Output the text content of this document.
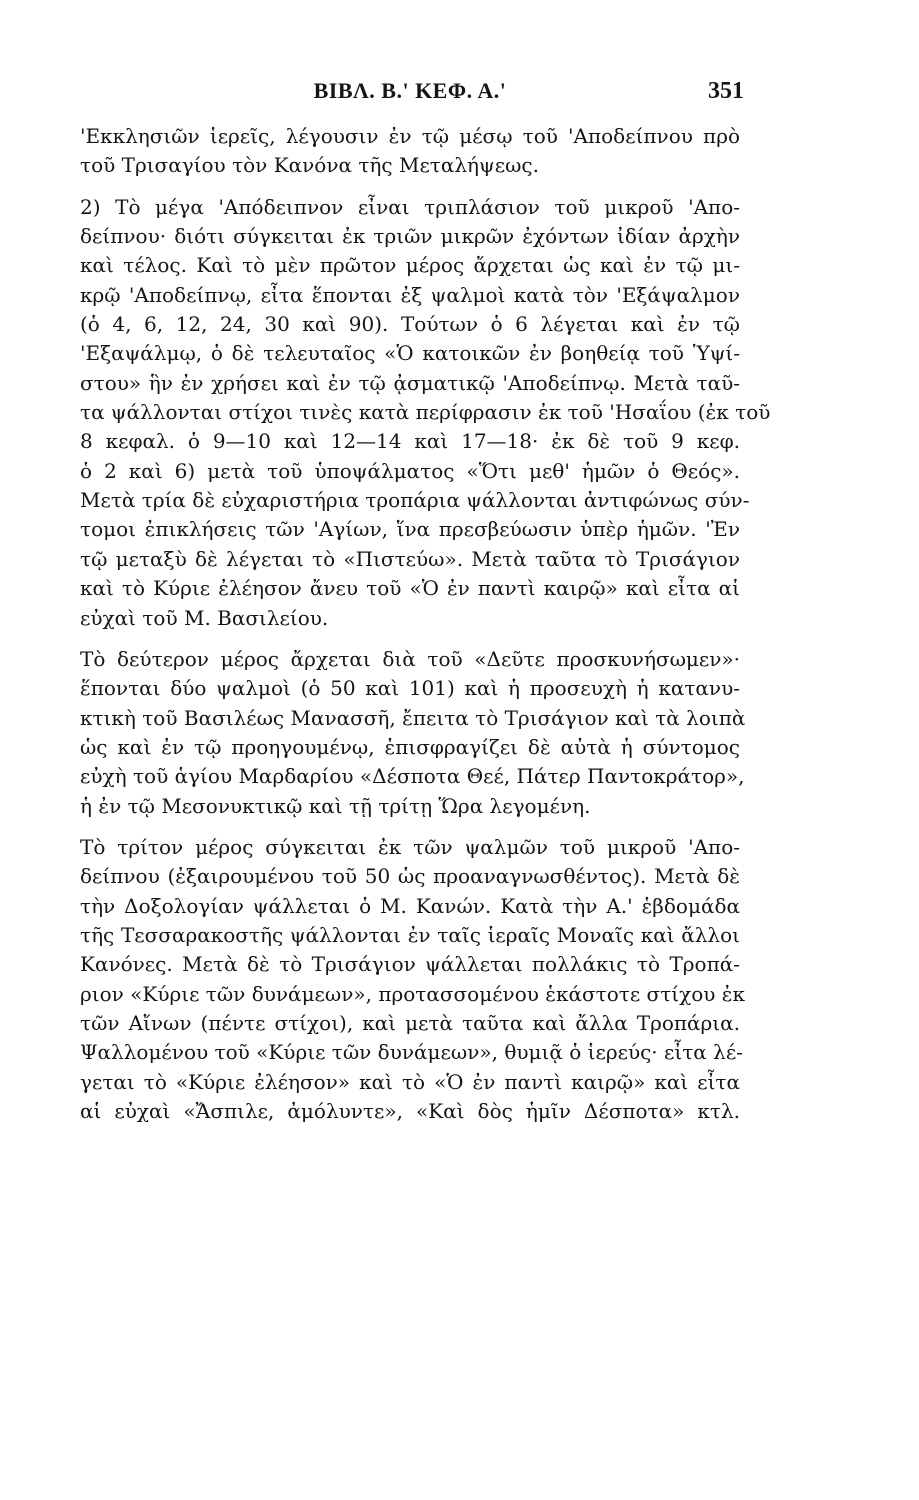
ΒΙΒΛ. Β.' ΚΕΦ. Α.'	351
'Εκκλησιῶν ἱερεῖς, λέγουσιν ἐν τῷ μέσῳ τοῦ 'Αποδείπνου πρὸ
τοῦ Τρισαγίου τὸν Κανόνα τῆς Μεταλήψεως.
2) Τὸ μέγα 'Απόδειπνον εἶναι τριπλάσιον τοῦ μικροῦ 'Απο-
δείπνου· διότι σύγκειται ἐκ τριῶν μικρῶν ἐχόντων ἰδίαν ἀρχὴν
καὶ τέλος. Καὶ τὸ μὲν πρῶτον μέρος ἄρχεται ὡς καὶ ἐν τῷ μι-
κρῷ 'Αποδείπνῳ, εἶτα ἕπονται ἐξ ψαλμοὶ κατὰ τὸν 'Εξάψαλμον
(ὁ 4, 6, 12, 24, 30 καὶ 90). Τούτων ὁ 6 λέγεται καὶ ἐν τῷ
'Εξαψάλμῳ, ὁ δὲ τελευταῖος «Ὁ κατοικῶν ἐν βοηθείᾳ τοῦ Ὑψί-
στου» ἣν ἐν χρήσει καὶ ἐν τῷ ᾀσματικῷ 'Αποδείπνῳ. Μετὰ ταῦ-
τα ψάλλονται στίχοι τινὲς κατὰ περίφρασιν ἐκ τοῦ 'Ησαΐου (ἐκ τοῦ
8 κεφαλ. ὁ 9—10 καὶ 12—14 καὶ 17—18· ἐκ δὲ τοῦ 9 κεφ.
ὁ 2 καὶ 6) μετὰ τοῦ ὑποψάλματος «Ὅτι μεθ' ἡμῶν ὁ Θεός».
Μετὰ τρία δὲ εὐχαριστήρια τροπάρια ψάλλονται ἀντιφώνως σύν-
τομοι ἐπικλήσεις τῶν 'Αγίων, ἵνα πρεσβεύωσιν ὑπὲρ ἡμῶν. 'Ἐν
τῷ μεταξὺ δὲ λέγεται τὸ «Πιστεύω». Μετὰ ταῦτα τὸ Τρισάγιον
καὶ τὸ Κύριε ἐλέησον ἄνευ τοῦ «Ὁ ἐν παντὶ καιρῷ» καὶ εἶτα αἱ
εὐχαὶ τοῦ Μ. Βασιλείου.
Τὸ δεύτερον μέρος ἄρχεται διὰ τοῦ «Δεῦτε προσκυνήσωμεν»·
ἕπονται δύο ψαλμοὶ (ὁ 50 καὶ 101) καὶ ἡ προσευχὴ ἡ κατανυ-
κτικὴ τοῦ Βασιλέως Μανασσῆ, ἔπειτα τὸ Τρισάγιον καὶ τὰ λοιπὰ
ὡς καὶ ἐν τῷ προηγουμένῳ, ἐπισφραγίζει δὲ αὐτὰ ἡ σύντομος
εὐχὴ τοῦ ἁγίου Μαρδαρίου «Δέσποτα Θεέ, Πάτερ Παντοκράτορ»,
ἡ ἐν τῷ Μεσονυκτικῷ καὶ τῇ τρίτῃ Ὥρα λεγομένη.
Τὸ τρίτον μέρος σύγκειται ἐκ τῶν ψαλμῶν τοῦ μικροῦ 'Απο-
δείπνου (ἐξαιρουμένου τοῦ 50 ὡς προαναγνωσθέντος). Μετὰ δὲ
τὴν Δοξολογίαν ψάλλεται ὁ Μ. Κανών. Κατὰ τὴν Α.' ἑβδομάδα
τῆς Τεσσαρακοστῆς ψάλλονται ἐν ταῖς ἱεραῖς Μοναῖς καὶ ἄλλοι
Κανόνες. Μετὰ δὲ τὸ Τρισάγιον ψάλλεται πολλάκις τὸ Τροπά-
ριον «Κύριε τῶν δυνάμεων», προτασσομένου ἑκάστοτε στίχου ἐκ
τῶν Αἴνων (πέντε στίχοι), καὶ μετὰ ταῦτα καὶ ἄλλα Τροπάρια.
Ψαλλομένου τοῦ «Κύριε τῶν δυνάμεων», θυμιᾷ ὁ ἱερεύς· εἶτα λέ-
γεται τὸ «Κύριε ἐλέησον» καὶ τὸ «Ὁ ἐν παντὶ καιρῷ» καὶ εἶτα
αἱ εὐχαὶ «Ἄσπιλε, ἀμόλυντε», «Καὶ δὸς ἡμῖν Δέσποτα» κτλ.
